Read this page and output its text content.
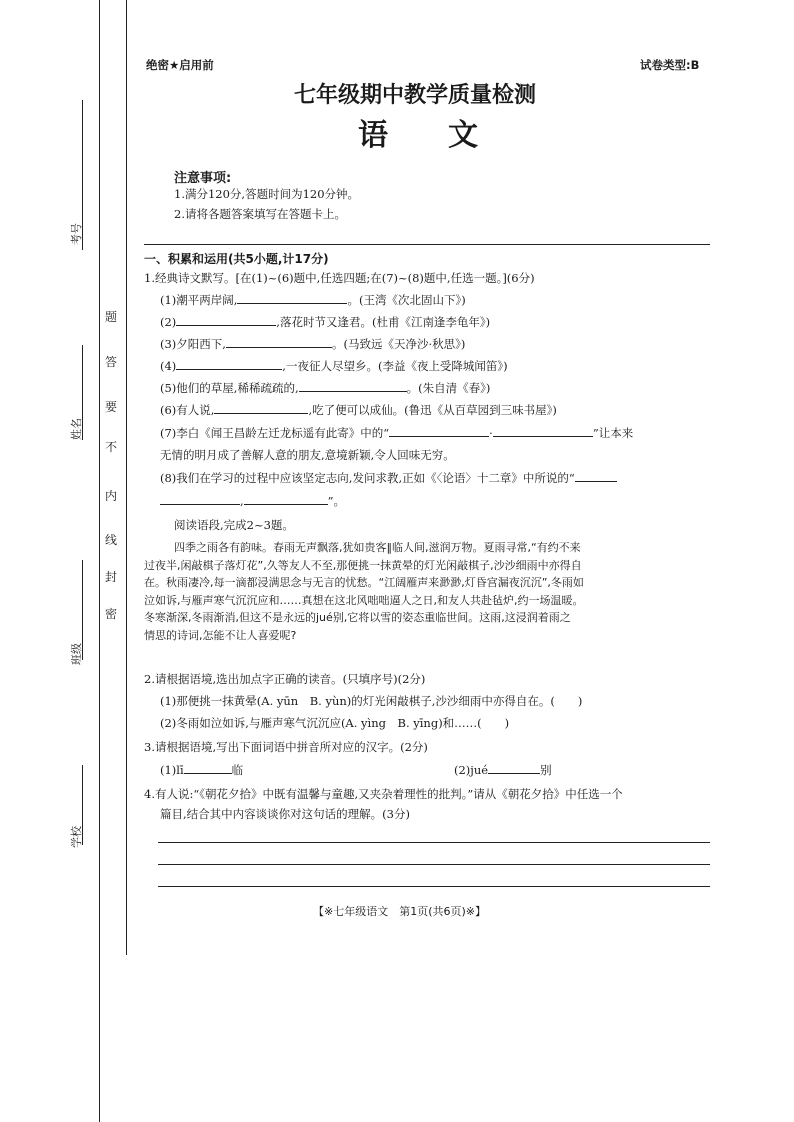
考号
姓名
班级
学校
密
封
线
内
不
要
答
题
绝密★启用前	试卷类型:B
七年级期中教学质量检测
语　　文
注意事项:
1.满分120分,答题时间为120分钟。
2.请将各题答案填写在答题卡上。
一、积累和运用(共5小题,计17分)
1.经典诗文默写。[在(1)~(6)题中,任选四题;在(7)~(8)题中,任选一题。](6分)
(1)潮平两岸阔,	。(王湾《次北固山下》)
(2)	,落花时节又逢君。(杜甫《江南逢李龟年》)
(3)夕阳西下,	。(马致远《天净沙·秋思》)
(4)	,一夜征人尽望乡。(李益《夜上受降城闻笛》)
(5)他们的草屋,稀稀疏疏的,	。(朱自清《春》)
(6)有人说,	,吃了便可以成仙。(鲁迅《从百草园到三味书屋》)
(7)李白《闻王昌龄左迁龙标遥有此寄》中的“	·	”让本来
无情的明月成了善解人意的朋友,意境新颖,令人回味无穷。
(8)我们在学习的过程中应该坚定志向,发问求教,正如《〈论语〉十二章》中所说的“
,	”。
阅读语段,完成2~3题。
四季之雨各有韵味。春雨无声飘落,犹如贵客‖临人间,滋润万物。夏雨寻常,“有约不来
过夜半,闲敲棋子落灯花”,久等友人不至,那便挑一抹黄晕的灯光闲敲棋子,沙沙细雨中亦得自
在。秋雨凄冷,每一滴都浸满思念与无言的忧愁。“江阔雁声来渺渺,灯昏宫漏夜沉沉”,冬雨如
泣如诉,与雁声寒气沉沉应和……真想在这北风咄咄逼人之日,和友人共赴毡炉,约一场温暖。
冬寒渐深,冬雨渐消,但这不是永远的jué别,它将以雪的姿态重临世间。这雨,这浸润着雨之
情思的诗词,怎能不让人喜爱呢?
2.请根据语境,选出加点字正确的读音。(只填序号)(2分)
(1)那便挑一抹黄晕(A. yūn　B. yùn)的灯光闲敲棋子,沙沙细雨中亦得自在。(　　)
(2)冬雨如泣如诉,与雁声寒气沉沉应(A. yìng　B. yīng)和……(　　)
3.请根据语境,写出下面词语中拼音所对应的汉字。(2分)
(1)lī	临	(2)jué	别
4.有人说:“《朝花夕拾》中既有温馨与童趣,又夹杂着理性的批判。”请从《朝花夕拾》中任选一个
篇目,结合其中内容谈谈你对这句话的理解。(3分)
【※七年级语文　第1页(共6页)※】
